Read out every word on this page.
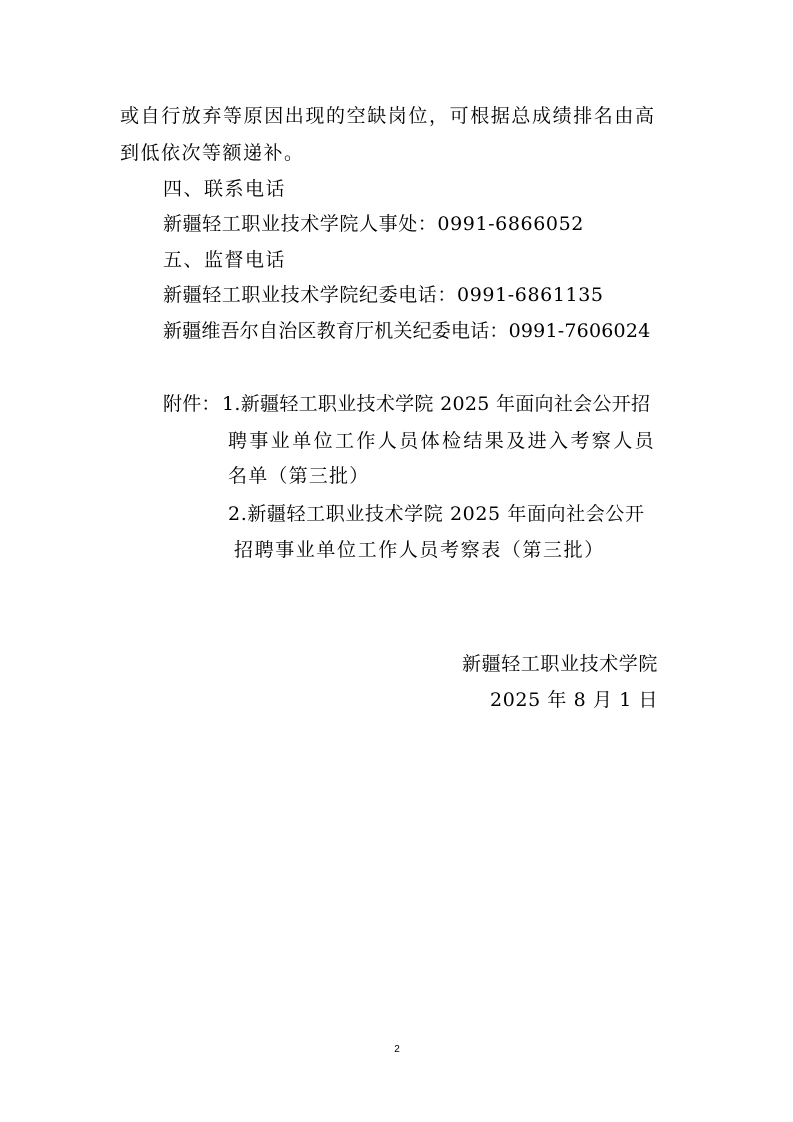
或自行放弃等原因出现的空缺岗位，可根据总成绩排名由高
到低依次等额递补。
四、联系电话
新疆轻工职业技术学院人事处：0991-6866052
五、监督电话
新疆轻工职业技术学院纪委电话：0991-6861135
新疆维吾尔自治区教育厅机关纪委电话：0991-7606024
附件： 1.新疆轻工职业技术学院 2025 年面向社会公开招
聘事业单位工作人员体检结果及进入考察人员
名单（第三批）
2.新疆轻工职业技术学院 2025 年面向社会公开
招聘事业单位工作人员考察表（第三批）
新疆轻工职业技术学院
2025 年 8 月 1 日
2
